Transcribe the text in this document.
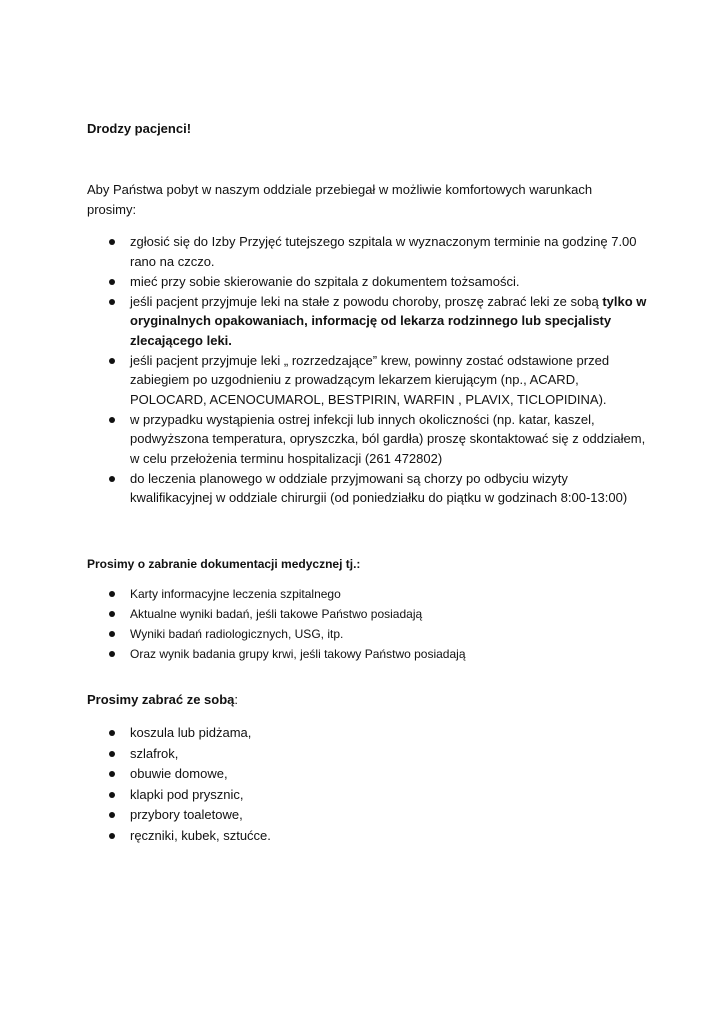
Drodzy pacjenci!
Aby Państwa pobyt w naszym oddziale przebiegał w możliwie komfortowych warunkach
prosimy:
zgłosić się do Izby Przyjęć tutejszego szpitala w wyznaczonym terminie na godzinę 7.00 rano na czczo.
mieć przy sobie skierowanie do szpitala z dokumentem tożsamości.
jeśli pacjent przyjmuje leki na stałe z powodu choroby, proszę zabrać leki ze sobą tylko w oryginalnych opakowaniach, informację od lekarza rodzinnego lub specjalisty zlecającego leki.
jeśli pacjent przyjmuje leki „ rozrzedzające” krew, powinny zostać odstawione przed zabiegiem po uzgodnieniu z prowadzącym lekarzem kierującym (np., ACARD, POLOCARD, ACENOCUMAROL, BESTPIRIN, WARFIN , PLAVIX, TICLOPIDINA).
w przypadku wystąpienia ostrej infekcji lub innych okoliczności (np. katar, kaszel, podwyższona temperatura, opryszczka, ból gardła) proszę skontaktować się z oddziałem, w celu przełożenia terminu hospitalizacji (261 472802)
do leczenia planowego w oddziale przyjmowani są chorzy po odbyciu wizyty kwalifikacyjnej w oddziale chirurgii (od poniedziałku do piątku w godzinach 8:00-13:00)
Prosimy o zabranie dokumentacji medycznej tj.:
Karty informacyjne leczenia szpitalnego
Aktualne wyniki badań, jeśli takowe Państwo posiadają
Wyniki badań radiologicznych, USG, itp.
Oraz wynik badania grupy krwi, jeśli takowy Państwo posiadają
Prosimy zabrać ze sobą:
koszula lub pidżama,
szlafrok,
obuwie domowe,
klapki pod prysznic,
przybory toaletowe,
ręczniki, kubek, sztućce.
